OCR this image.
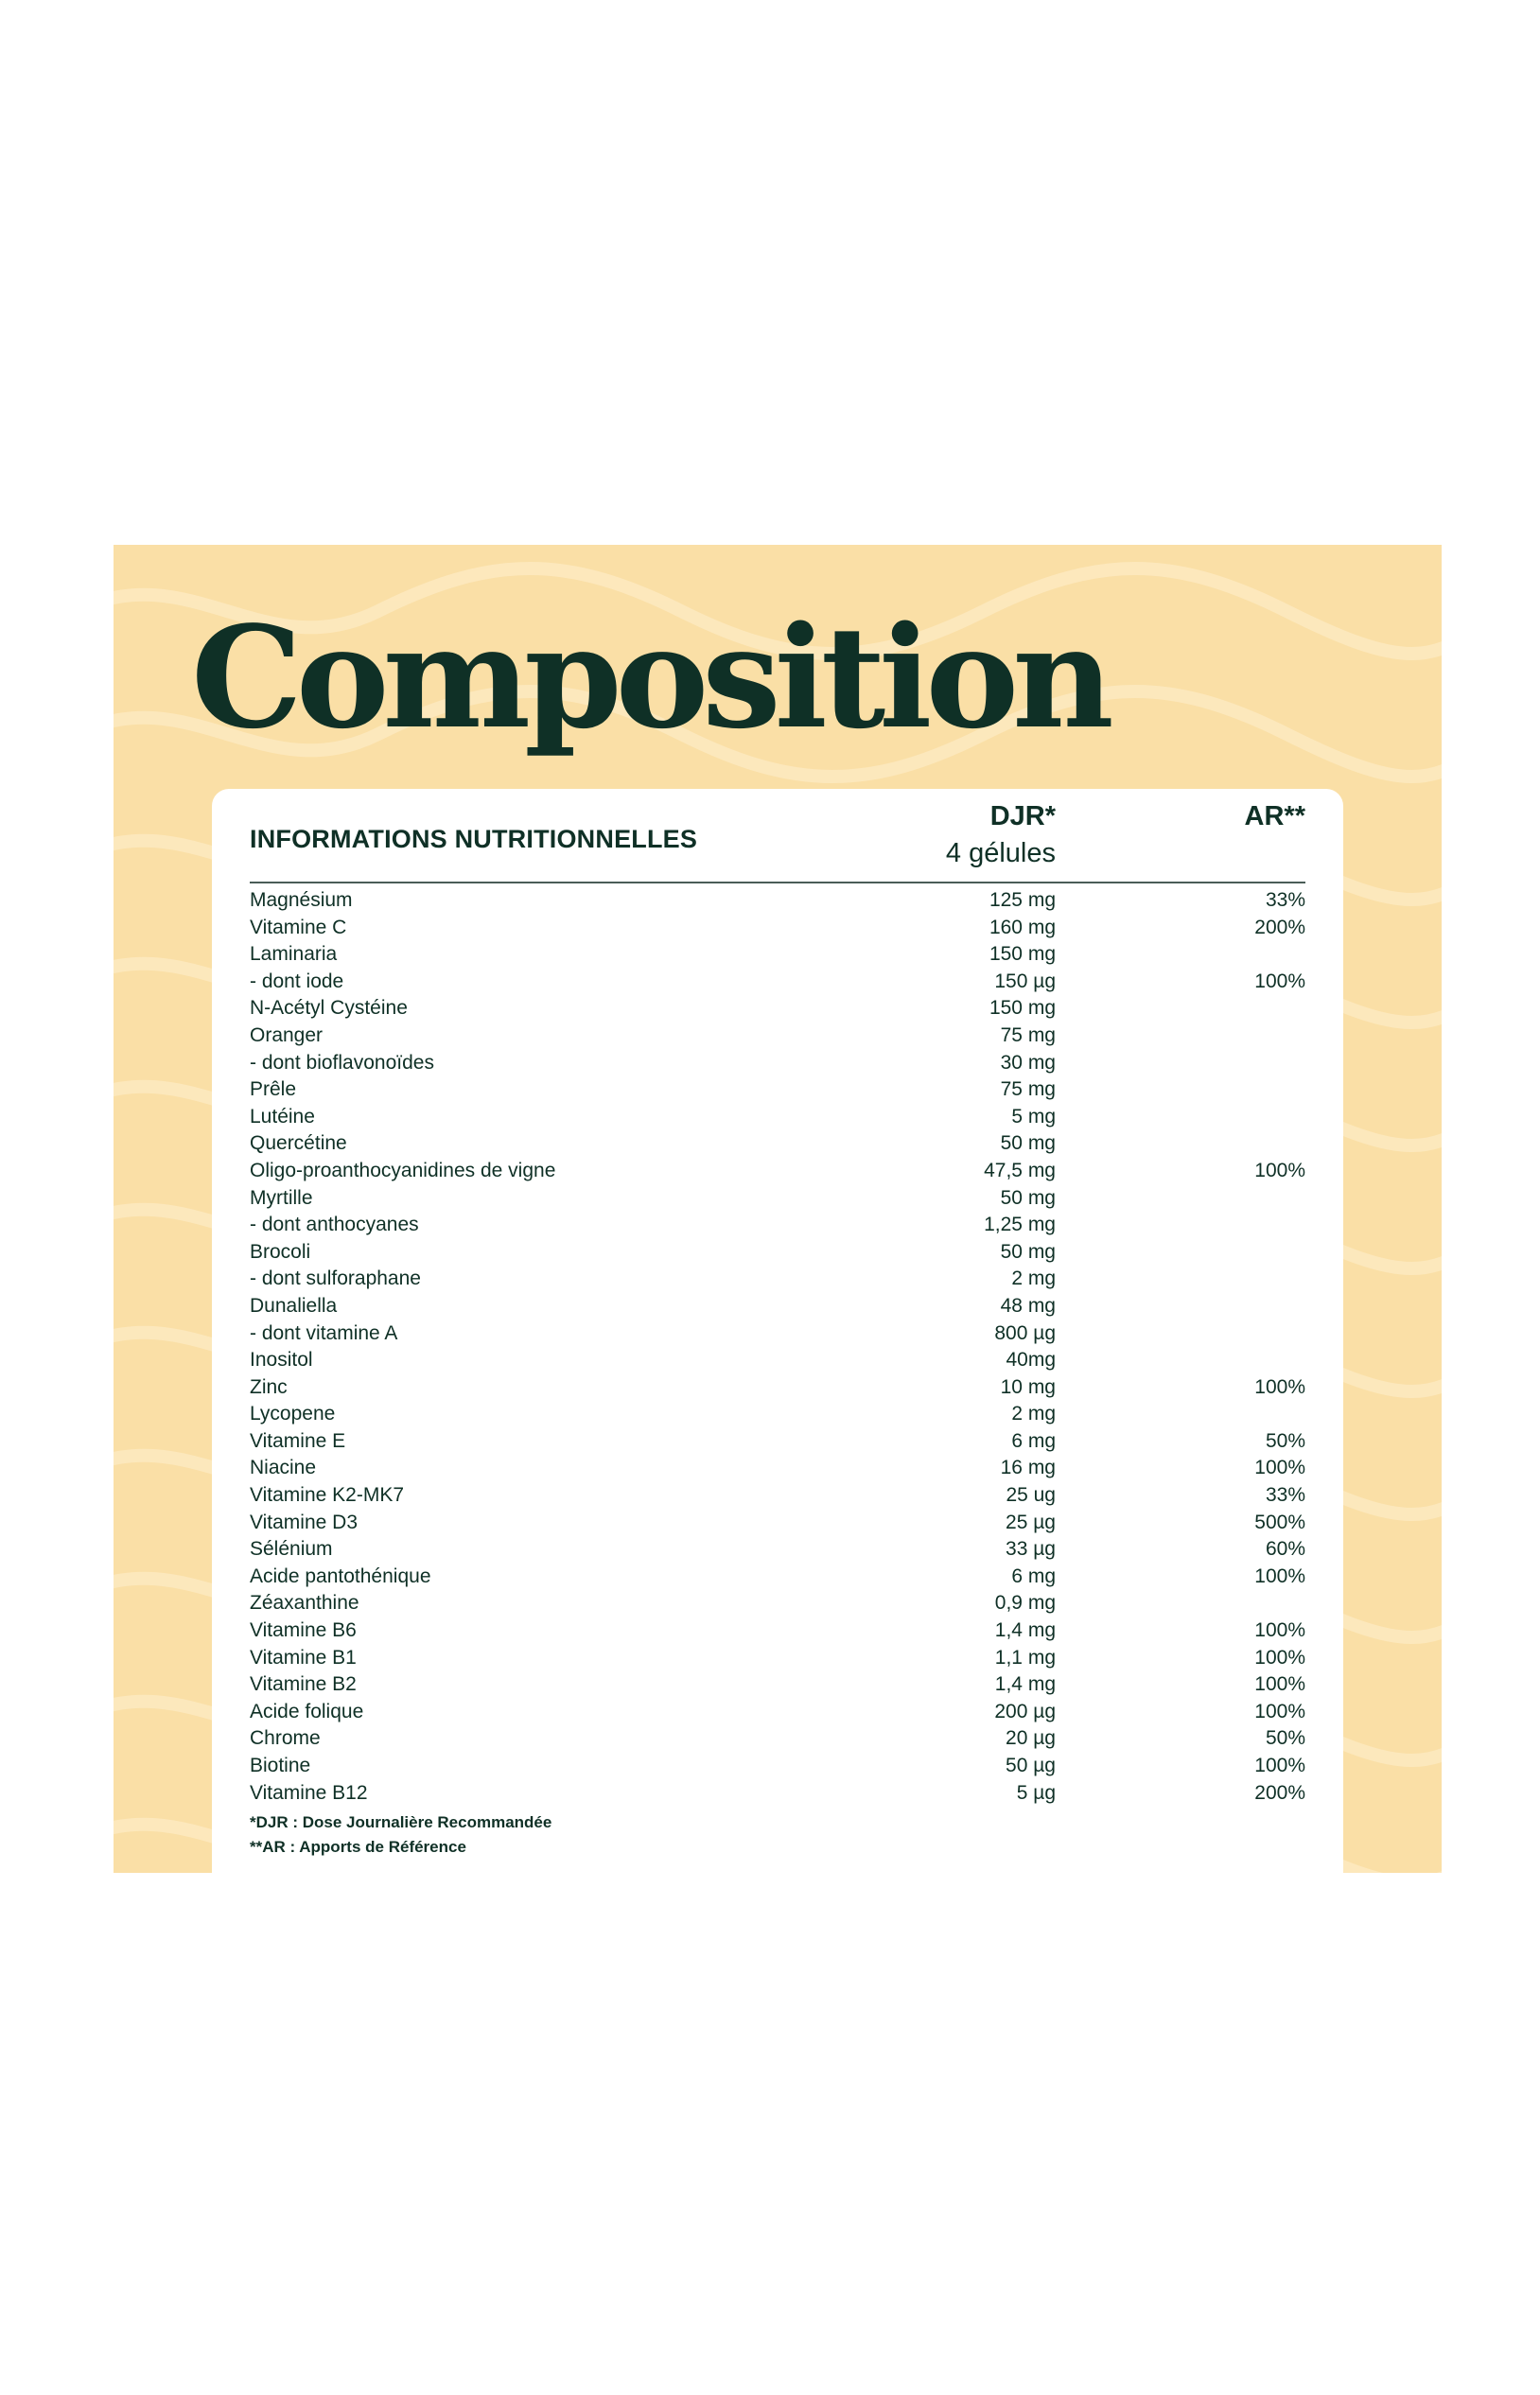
Composition
INFORMATIONS NUTRITIONNELLES
DJR*
4 gélules
AR**
Magnésium	125 mg	33%
Vitamine C	160 mg	200%
Laminaria	150 mg
- dont iode	150 µg	100%
N-Acétyl Cystéine	150 mg
Oranger	75 mg
- dont bioflavonoïdes	30 mg
Prêle	75 mg
Lutéine	5 mg
Quercétine	50 mg
Oligo-proanthocyanidines de vigne	47,5 mg	100%
Myrtille	50 mg
- dont anthocyanes	1,25 mg
Brocoli	50 mg
- dont sulforaphane	2 mg
Dunaliella	48 mg
- dont vitamine A	800 µg
Inositol	40mg
Zinc	10 mg	100%
Lycopene	2 mg
Vitamine E	6 mg	50%
Niacine	16 mg	100%
Vitamine K2-MK7	25 ug	33%
Vitamine D3	25 µg	500%
Sélénium	33 µg	60%
Acide pantothénique	6 mg	100%
Zéaxanthine	0,9 mg
Vitamine B6	1,4 mg	100%
Vitamine B1	1,1 mg	100%
Vitamine B2	1,4 mg	100%
Acide folique	200 µg	100%
Chrome	20 µg	50%
Biotine	50 µg	100%
Vitamine B12	5 µg	200%
*DJR : Dose Journalière Recommandée
**AR : Apports de Référence
